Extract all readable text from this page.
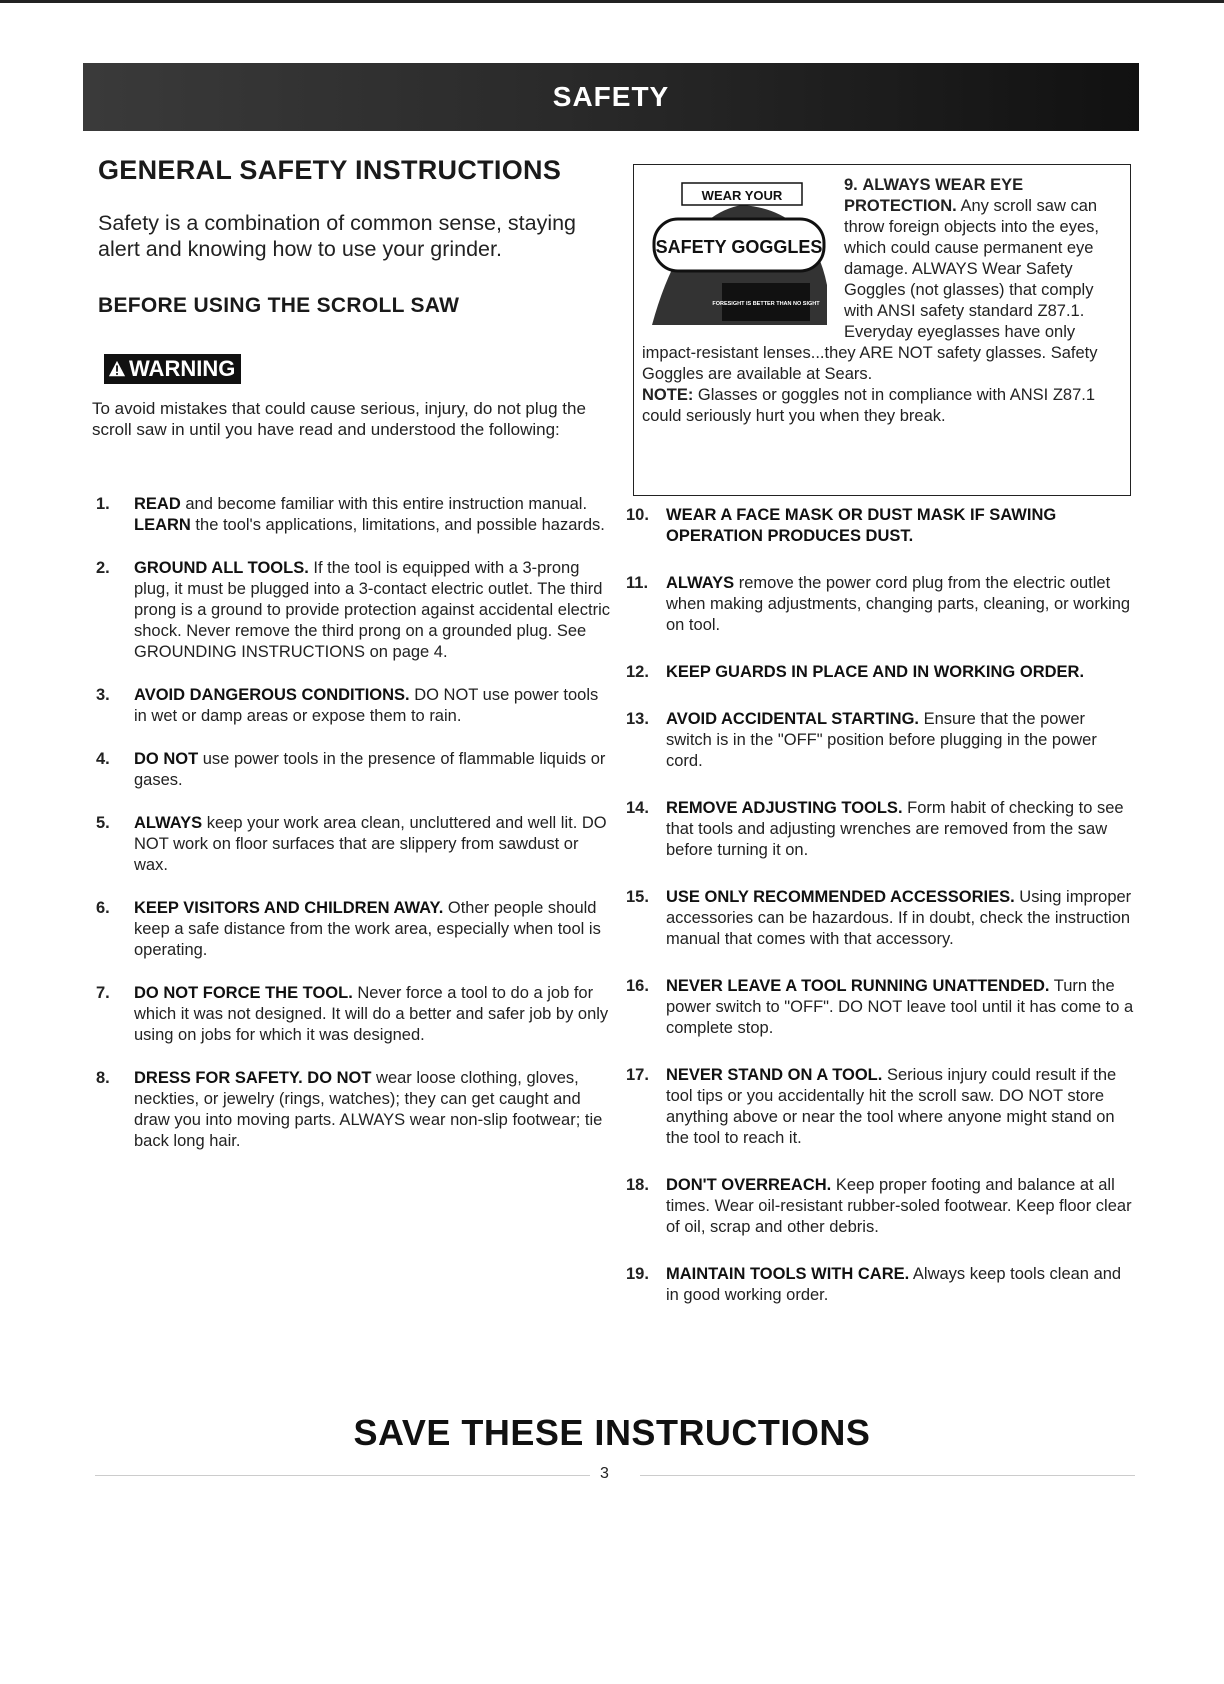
SAFETY
GENERAL SAFETY INSTRUCTIONS

Safety is a combination of common sense, staying alert and knowing how to use your grinder.

BEFORE USING THE SCROLL SAW
WARNING

To avoid mistakes that could cause serious, injury, do not plug the scroll saw in until you have read and understood the following:

1.	READ and become familiar with this entire instruction manual. LEARN the tool's applications, limitations, and possible hazards.
2.	GROUND ALL TOOLS. If the tool is equipped with a 3-prong plug, it must be plugged into a 3-contact electric outlet. The third prong is a ground to provide protection against accidental electric shock. Never remove the third prong on a grounded plug. See GROUNDING INSTRUCTIONS on page 4.
3.	AVOID DANGEROUS CONDITIONS. DO NOT use power tools in wet or damp areas or expose them to rain.
4.	DO NOT use power tools in the presence of flammable liquids or gases.
5.	ALWAYS keep your work area clean, uncluttered and well lit. DO NOT work on floor surfaces that are slippery from sawdust or wax.
6.	KEEP VISITORS AND CHILDREN AWAY. Other people should keep a safe distance from the work area, especially when tool is operating.
7.	DO NOT FORCE THE TOOL. Never force a tool to do a job for which it was not designed. It will do a better and safer job by only using on jobs for which it was designed.
8.	DRESS FOR SAFETY. DO NOT wear loose clothing, gloves, neckties, or jewelry (rings, watches); they can get caught and draw you into moving parts. ALWAYS wear non-slip footwear; tie back long hair.
WEAR YOUR
SAFETY GOGGLES
FORESIGHT IS BETTER THAN NO SIGHT
9. ALWAYS WEAR EYE PROTECTION. Any scroll saw can throw foreign objects into the eyes, which could cause permanent eye damage. ALWAYS Wear Safety Goggles (not glasses) that comply with ANSI safety standard Z87.1. Everyday eyeglasses have only impact-resistant lenses...they ARE NOT safety glasses. Safety Goggles are available at Sears.
NOTE: Glasses or goggles not in compliance with ANSI Z87.1 could seriously hurt you when they break.
10.	WEAR A FACE MASK OR DUST MASK IF SAWING OPERATION PRODUCES DUST.
11.	ALWAYS remove the power cord plug from the electric outlet when making adjustments, changing parts, cleaning, or working on tool.
12.	KEEP GUARDS IN PLACE AND IN WORKING ORDER.
13.	AVOID ACCIDENTAL STARTING. Ensure that the power switch is in the "OFF" position before plugging in the power cord.
14.	REMOVE ADJUSTING TOOLS. Form habit of checking to see that tools and adjusting wrenches are removed from the saw before turning it on.
15.	USE ONLY RECOMMENDED ACCESSORIES. Using improper accessories can be hazardous. If in doubt, check the instruction manual that comes with that accessory.
16.	NEVER LEAVE A TOOL RUNNING UNATTENDED. Turn the power switch to "OFF". DO NOT leave tool until it has come to a complete stop.
17.	NEVER STAND ON A TOOL. Serious injury could result if the tool tips or you accidentally hit the scroll saw. DO NOT store anything above or near the tool where anyone might stand on the tool to reach it.
18.	DON'T OVERREACH. Keep proper footing and balance at all times. Wear oil-resistant rubber-soled footwear. Keep floor clear of oil, scrap and other debris.
19.	MAINTAIN TOOLS WITH CARE. Always keep tools clean and in good working order.
SAVE THESE INSTRUCTIONS
3
